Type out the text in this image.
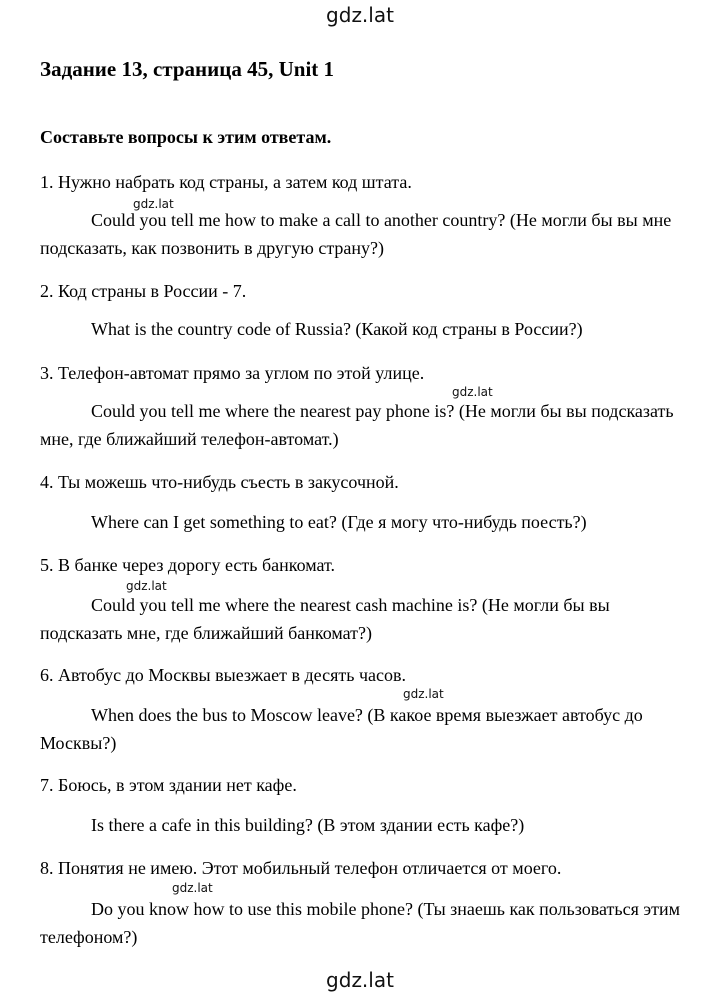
gdz.lat
Задание 13, страница 45, Unit 1
Составьте вопросы к этим ответам.
1. Нужно набрать код страны, а затем код штата.
gdz.lat
Could you tell me how to make a call to another country? (Не могли бы вы мне подсказать, как позвонить в другую страну?)
2. Код страны в России - 7.
What is the country code of Russia? (Какой код страны в России?)
3. Телефон-автомат прямо за углом по этой улице.
gdz.lat
Could you tell me where the nearest pay phone is? (Не могли бы вы подсказать мне, где ближайший телефон-автомат.)
4. Ты можешь что-нибудь съесть в закусочной.
Where can I get something to eat? (Где я могу что-нибудь поесть?)
5. В банке через дорогу есть банкомат.
gdz.lat
Could you tell me where the nearest cash machine is? (Не могли бы вы подсказать мне, где ближайший банкомат?)
6. Автобус до Москвы выезжает в десять часов.
gdz.lat
When does the bus to Moscow leave? (В какое время выезжает автобус до Москвы?)
7. Боюсь, в этом здании нет кафе.
Is there a cafe in this building? (В этом здании есть кафе?)
8. Понятия не имею. Этот мобильный телефон отличается от моего.
gdz.lat
Do you know how to use this mobile phone? (Ты знаешь как пользоваться этим телефоном?)
gdz.lat
